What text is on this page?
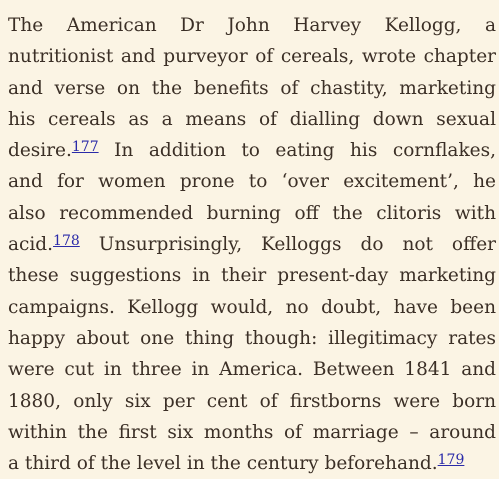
The American Dr John Harvey Kellogg, a
nutritionist and purveyor of cereals, wrote chapter
and verse on the benefits of chastity, marketing
his cereals as a means of dialling down sexual
desire.$^{177}$ In addition to eating his cornflakes,
and for women prone to ‘over excitement’, he
also recommended burning off the clitoris with
acid.$^{178}$ Unsurprisingly, Kelloggs do not offer
these suggestions in their present-day marketing
campaigns. Kellogg would, no doubt, have been
happy about one thing though: illegitimacy rates
were cut in three in America. Between 1841 and
1880, only six per cent of firstborns were born
within the first six months of marriage – around
a third of the level in the century beforehand.$^{179}$
